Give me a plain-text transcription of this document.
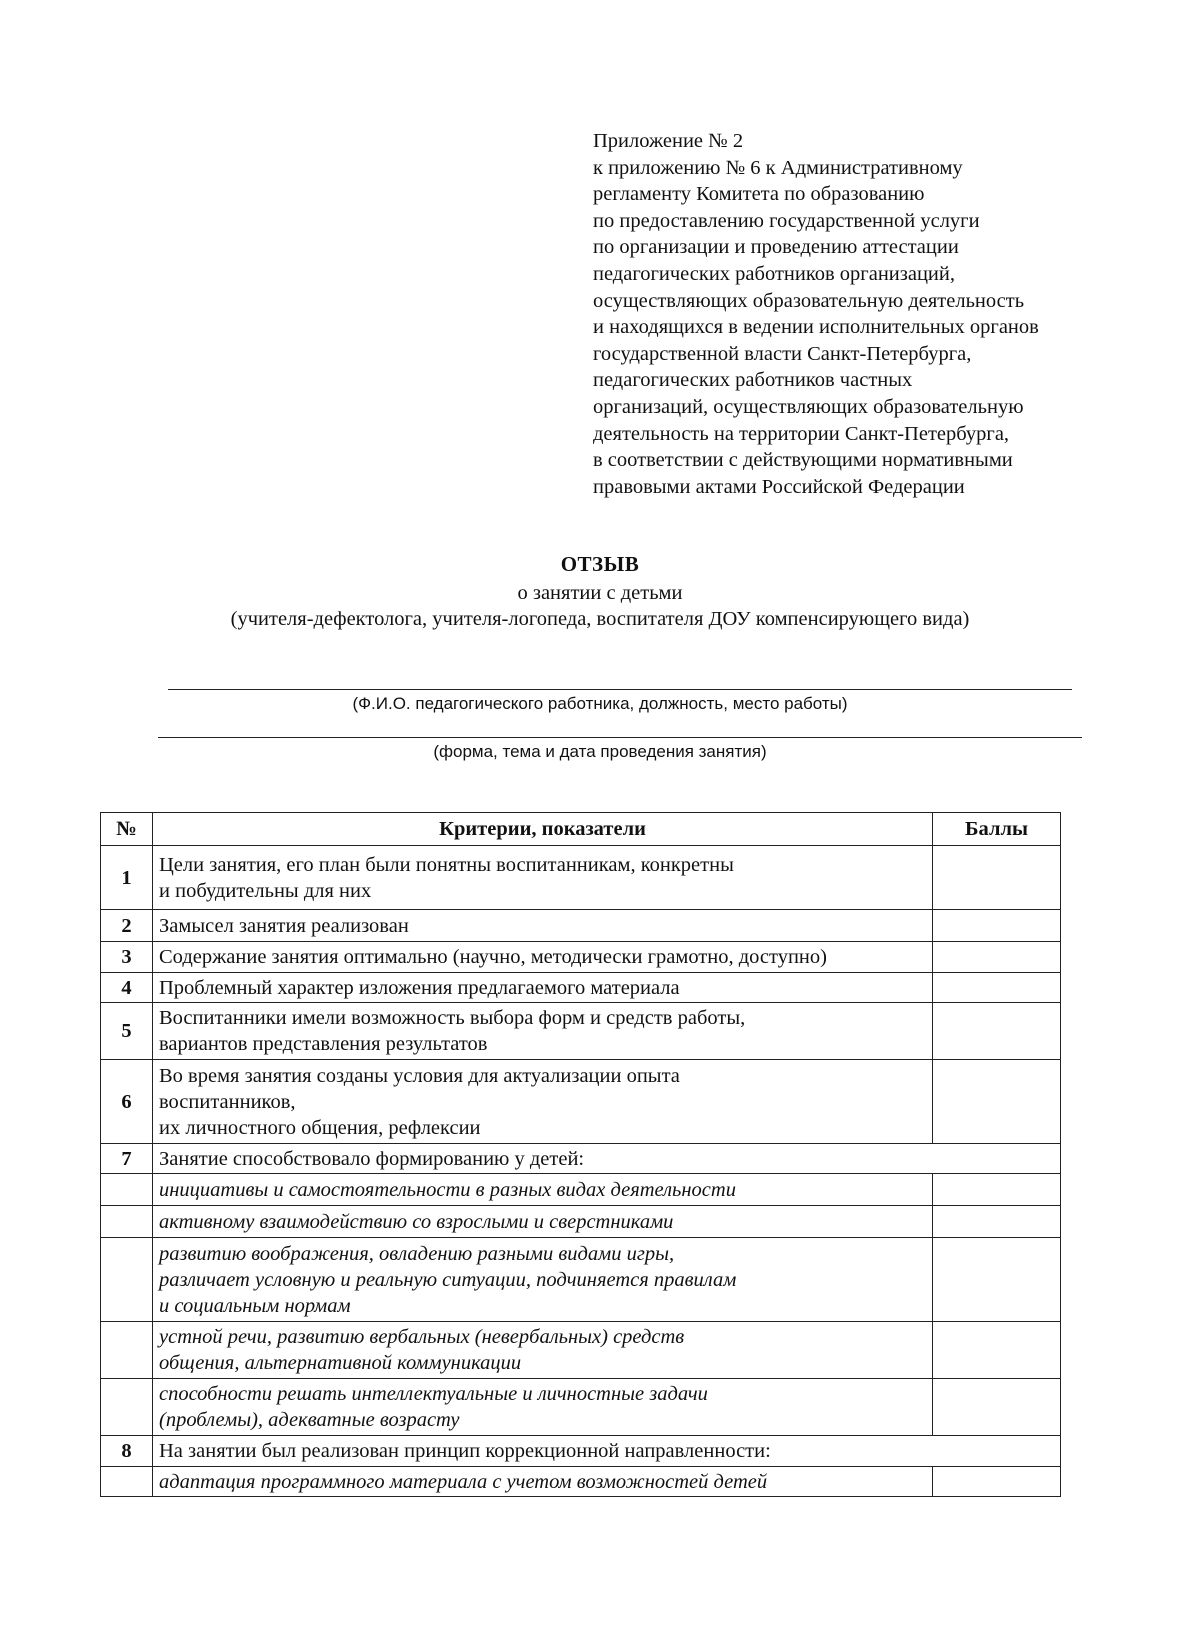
Приложение № 2
к приложению № 6 к Административному
регламенту Комитета по образованию
по предоставлению государственной услуги
по организации и проведению аттестации
педагогических работников организаций,
осуществляющих образовательную деятельность
и находящихся в ведении исполнительных органов
государственной власти Санкт-Петербурга,
педагогических работников частных
организаций, осуществляющих образовательную
деятельность на территории Санкт-Петербурга,
в соответствии с действующими нормативными
правовыми актами Российской Федерации
ОТЗЫВ
о занятии с детьми
(учителя-дефектолога, учителя-логопеда, воспитателя ДОУ компенсирующего вида)
(Ф.И.О. педагогического работника, должность, место работы)
(форма, тема и дата проведения занятия)
№	Критерии, показатели	Баллы
1	Цели занятия, его план были понятны воспитанникам, конкретны
и побудительны для них	
2	Замысел занятия реализован	
3	Содержание занятия оптимально (научно, методически грамотно, доступно)	
4	Проблемный характер изложения предлагаемого материала	
5	Воспитанники имели возможность выбора форм и средств работы,
вариантов представления результатов	
6	Во время занятия созданы условия для актуализации опыта
воспитанников,
их личностного общения, рефлексии	
7	Занятие способствовало формированию у детей:	
	инициативы и самостоятельности в разных видах деятельности	
	активному взаимодействию со взрослыми и сверстниками	
	развитию воображения, овладению разными видами игры,
различает условную и реальную ситуации, подчиняется правилам
и социальным нормам	
	устной речи, развитию вербальных (невербальных) средств
общения, альтернативной коммуникации	
	способности решать интеллектуальные и личностные задачи
(проблемы), адекватные возрасту	
8	На занятии был реализован принцип коррекционной направленности:	
	адаптация программного материала с учетом возможностей детей	
